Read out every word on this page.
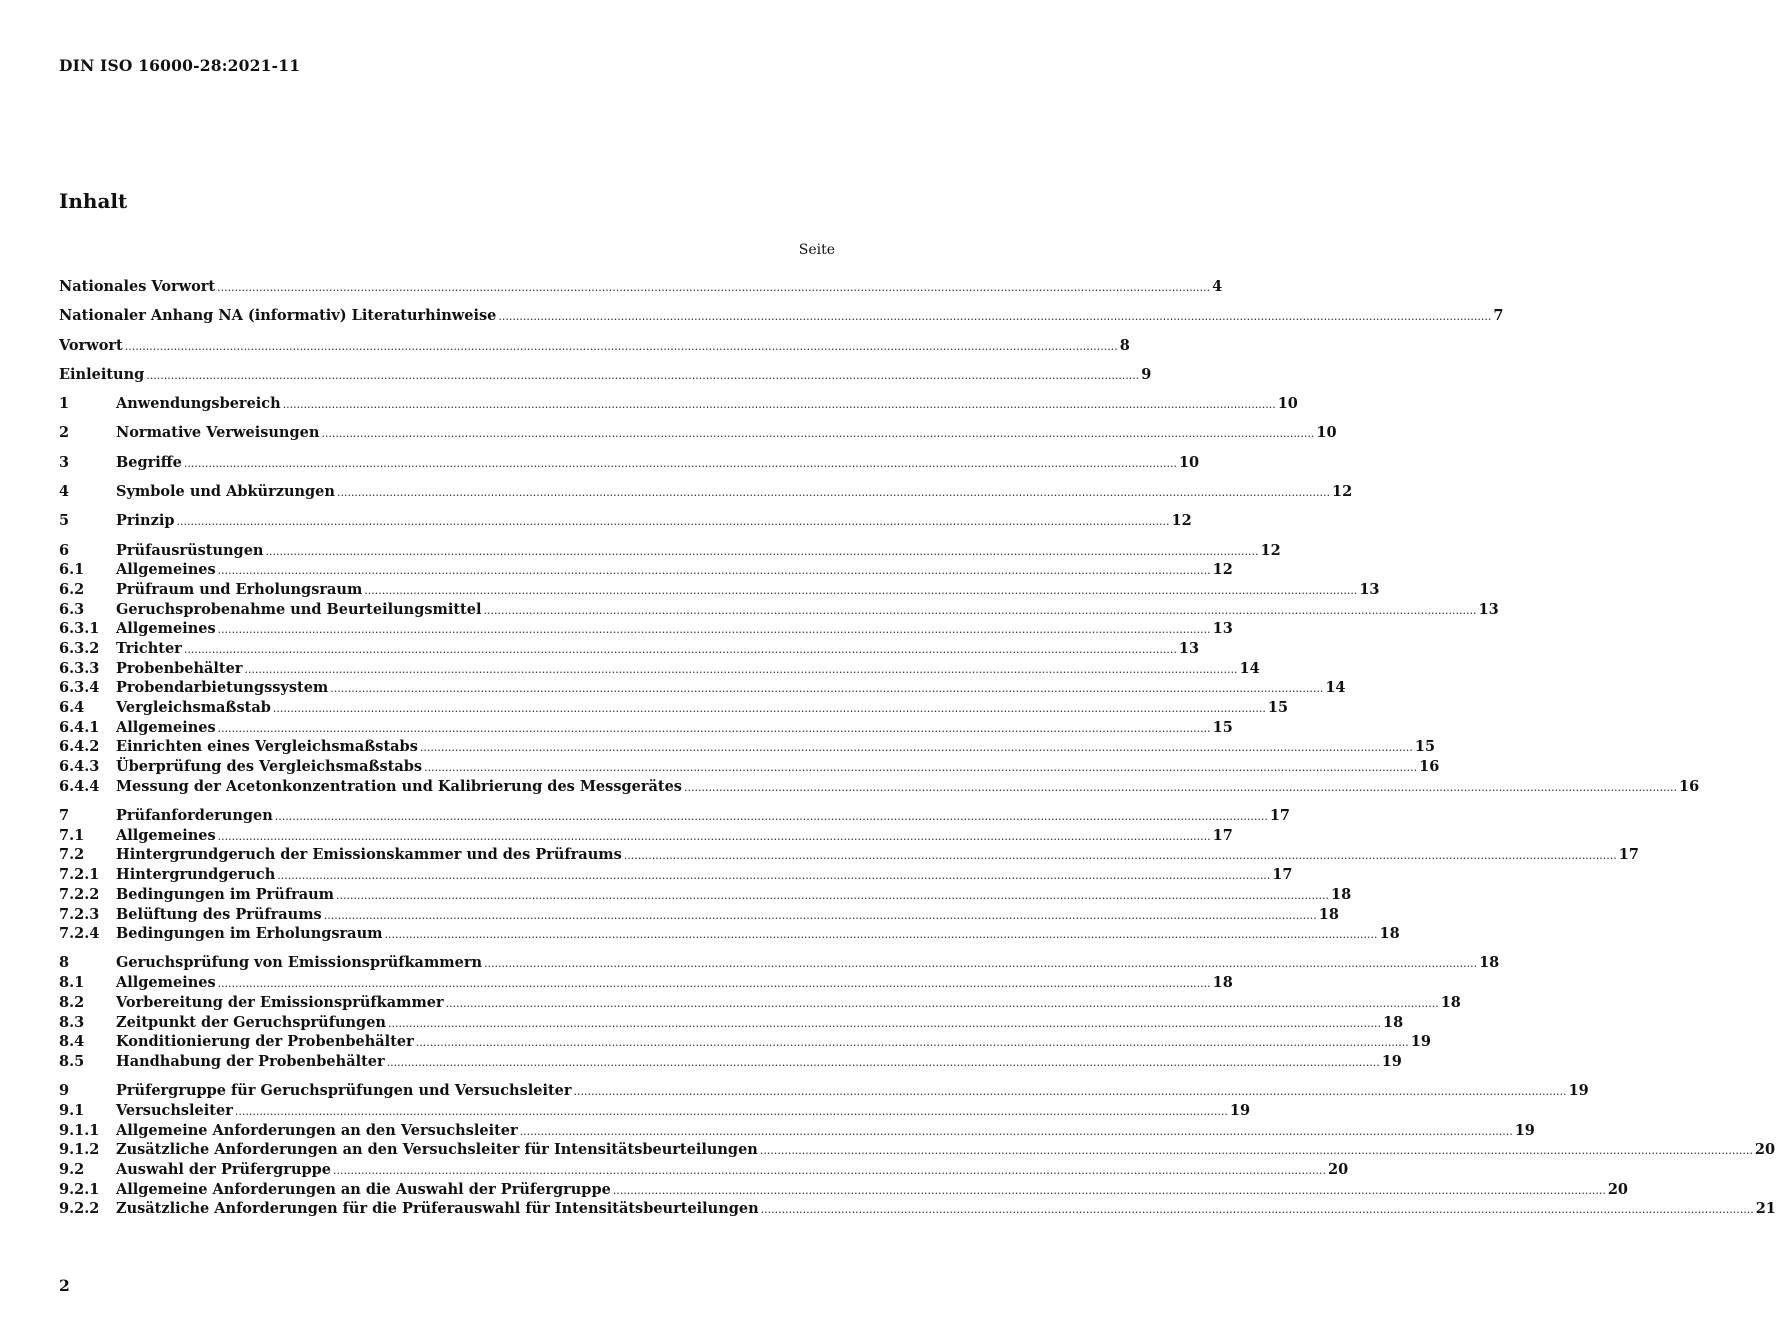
DIN ISO 16000-28:2021-11
Inhalt
Seite
Nationales Vorwort .....	4
Nationaler Anhang NA (informativ) Literaturhinweise .....	7
Vorwort .....	8
Einleitung .....	9
1	Anwendungsbereich .....	10
2	Normative Verweisungen .....	10
3	Begriffe .....	10
4	Symbole und Abkürzungen .....	12
5	Prinzip .....	12
6	Prüfausrüstungen .....	12
6.1	Allgemeines .....	12
6.2	Prüfraum und Erholungsraum .....	13
6.3	Geruchsprobenahme und Beurteilungsmittel .....	13
6.3.1	Allgemeines .....	13
6.3.2	Trichter .....	13
6.3.3	Probenbehälter .....	14
6.3.4	Probendarbietungssystem .....	14
6.4	Vergleichsmaßstab .....	15
6.4.1	Allgemeines .....	15
6.4.2	Einrichten eines Vergleichsmaßstabs .....	15
6.4.3	Überprüfung des Vergleichsmaßstabs .....	16
6.4.4	Messung der Acetonkonzentration und Kalibrierung des Messgerätes .....	16
7	Prüfanforderungen .....	17
7.1	Allgemeines .....	17
7.2	Hintergrundgeruch der Emissionskammer und des Prüfraums .....	17
7.2.1	Hintergrundgeruch .....	17
7.2.2	Bedingungen im Prüfraum .....	18
7.2.3	Belüftung des Prüfraums .....	18
7.2.4	Bedingungen im Erholungsraum .....	18
8	Geruchsprüfung von Emissionsprüfkammern .....	18
8.1	Allgemeines .....	18
8.2	Vorbereitung der Emissionsprüfkammer .....	18
8.3	Zeitpunkt der Geruchsprüfungen .....	18
8.4	Konditionierung der Probenbehälter .....	19
8.5	Handhabung der Probenbehälter .....	19
9	Prüfergruppe für Geruchsprüfungen und Versuchsleiter .....	19
9.1	Versuchsleiter .....	19
9.1.1	Allgemeine Anforderungen an den Versuchsleiter .....	19
9.1.2	Zusätzliche Anforderungen an den Versuchsleiter für Intensitätsbeurteilungen .....	20
9.2	Auswahl der Prüfergruppe .....	20
9.2.1	Allgemeine Anforderungen an die Auswahl der Prüfergruppe .....	20
9.2.2	Zusätzliche Anforderungen für die Prüferauswahl für Intensitätsbeurteilungen .....	21
2
